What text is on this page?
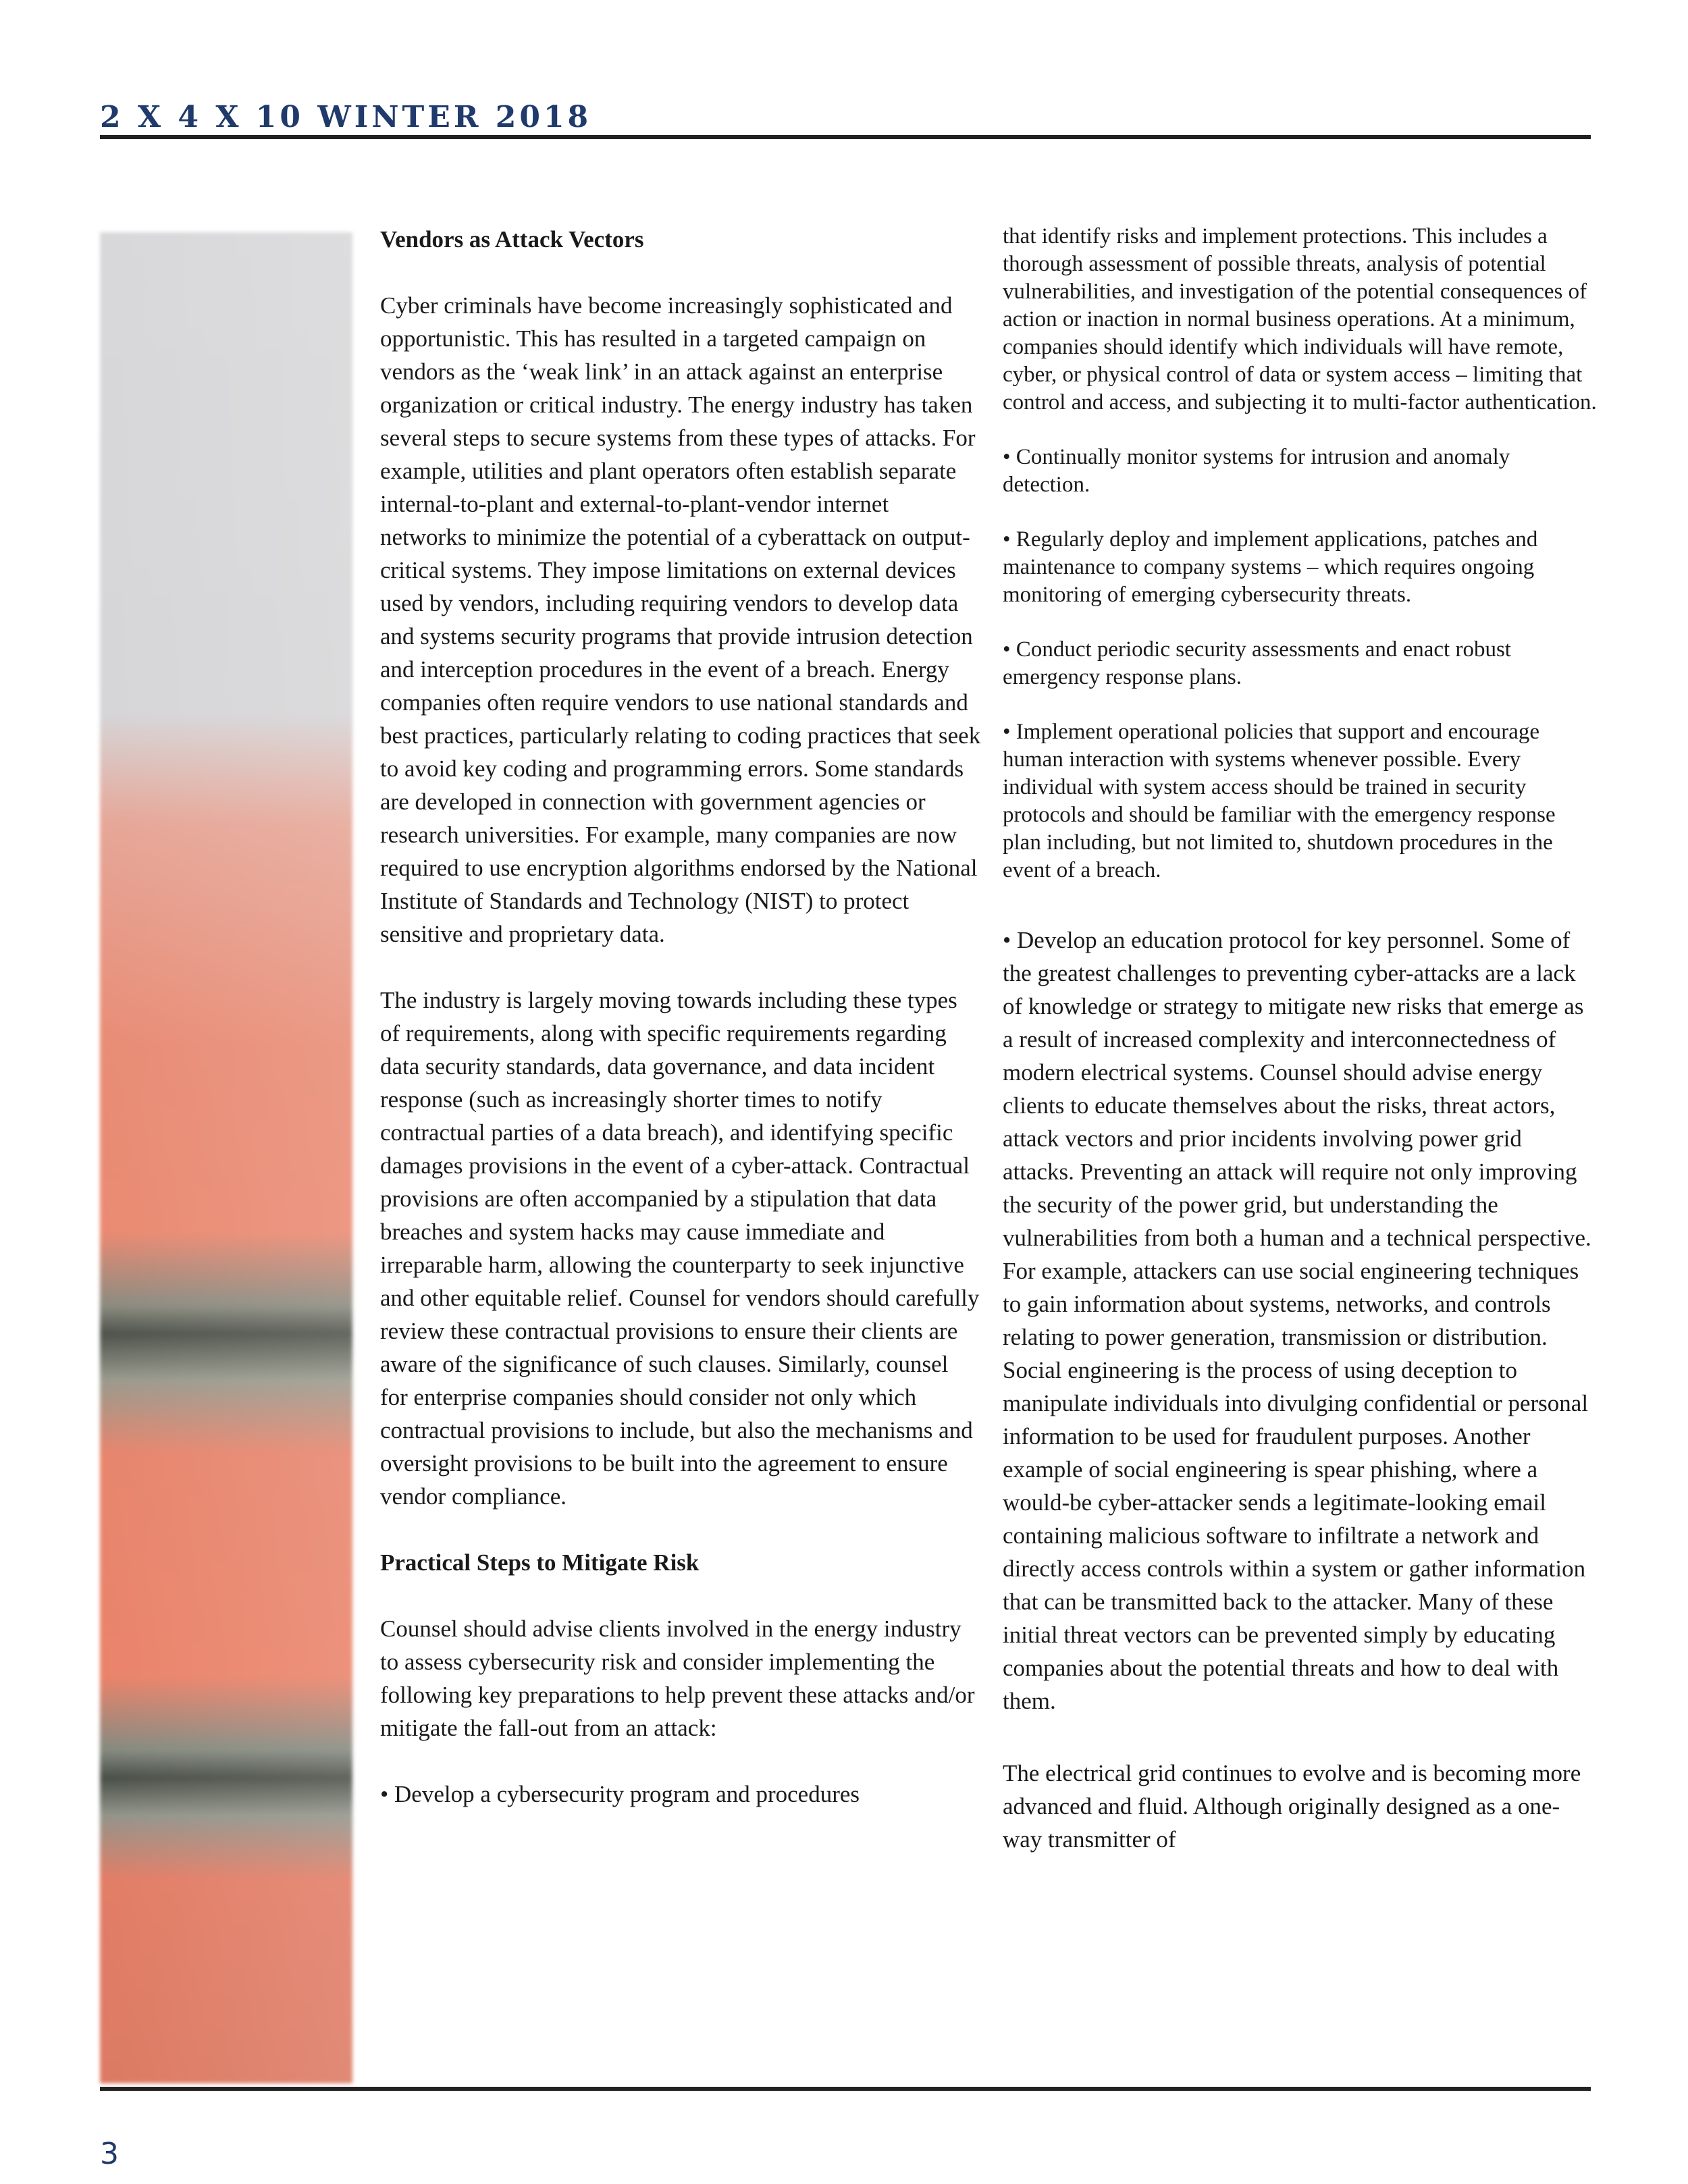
2 X 4 X 10 WINTER 2018

Vendors as Attack Vectors

Cyber criminals have become increasingly sophisticated and opportunistic. This has resulted in a targeted campaign on vendors as the ‘weak link’ in an attack against an enterprise organization or critical industry. The energy industry has taken several steps to secure systems from these types of attacks. For example, utilities and plant operators often establish separate internal-to-plant and external-to-plant-vendor internet networks to minimize the potential of a cyberattack on output-critical systems. They impose limitations on external devices used by vendors, including requiring vendors to develop data and systems security programs that provide intrusion detection and interception procedures in the event of a breach. Energy companies often require vendors to use national standards and best practices, particularly relating to coding practices that seek to avoid key coding and programming errors. Some standards are developed in connection with government agencies or research universities. For example, many companies are now required to use encryption algorithms endorsed by the National Institute of Standards and Technology (NIST) to protect sensitive and proprietary data.

The industry is largely moving towards including these types of requirements, along with specific requirements regarding data security standards, data governance, and data incident response (such as increasingly shorter times to notify contractual parties of a data breach), and identifying specific damages provisions in the event of a cyber-attack. Contractual provisions are often accompanied by a stipulation that data breaches and system hacks may cause immediate and irreparable harm, allowing the counterparty to seek injunctive and other equitable relief. Counsel for vendors should carefully review these contractual provisions to ensure their clients are aware of the significance of such clauses. Similarly, counsel for enterprise companies should consider not only which contractual provisions to include, but also the mechanisms and oversight provisions to be built into the agreement to ensure vendor compliance.

Practical Steps to Mitigate Risk

Counsel should advise clients involved in the energy industry to assess cybersecurity risk and consider implementing the following key preparations to help prevent these attacks and/or mitigate the fall-out from an attack:

• Develop a cybersecurity program and procedures

that identify risks and implement protections. This includes a thorough assessment of possible threats, analysis of potential vulnerabilities, and investigation of the potential consequences of action or inaction in normal business operations. At a minimum, companies should identify which individuals will have remote, cyber, or physical control of data or system access – limiting that control and access, and subjecting it to multi-factor authentication.

• Continually monitor systems for intrusion and anomaly detection.

• Regularly deploy and implement applications, patches and maintenance to company systems – which requires ongoing monitoring of emerging cybersecurity threats.

• Conduct periodic security assessments and enact robust emergency response plans.

• Implement operational policies that support and encourage human interaction with systems whenever possible. Every individual with system access should be trained in security protocols and should be familiar with the emergency response plan including, but not limited to, shutdown procedures in the event of a breach.

• Develop an education protocol for key personnel. Some of the greatest challenges to preventing cyber-attacks are a lack of knowledge or strategy to mitigate new risks that emerge as a result of increased complexity and interconnectedness of modern electrical systems. Counsel should advise energy clients to educate themselves about the risks, threat actors, attack vectors and prior incidents involving power grid attacks. Preventing an attack will require not only improving the security of the power grid, but understanding the vulnerabilities from both a human and a technical perspective. For example, attackers can use social engineering techniques to gain information about systems, networks, and controls relating to power generation, transmission or distribution. Social engineering is the process of using deception to manipulate individuals into divulging confidential or personal information to be used for fraudulent purposes. Another example of social engineering is spear phishing, where a would-be cyber-attacker sends a legitimate-looking email containing malicious software to infiltrate a network and directly access controls within a system or gather information that can be transmitted back to the attacker. Many of these initial threat vectors can be prevented simply by educating companies about the potential threats and how to deal with them.

The electrical grid continues to evolve and is becoming more advanced and fluid. Although originally designed as a one-way transmitter of

3
